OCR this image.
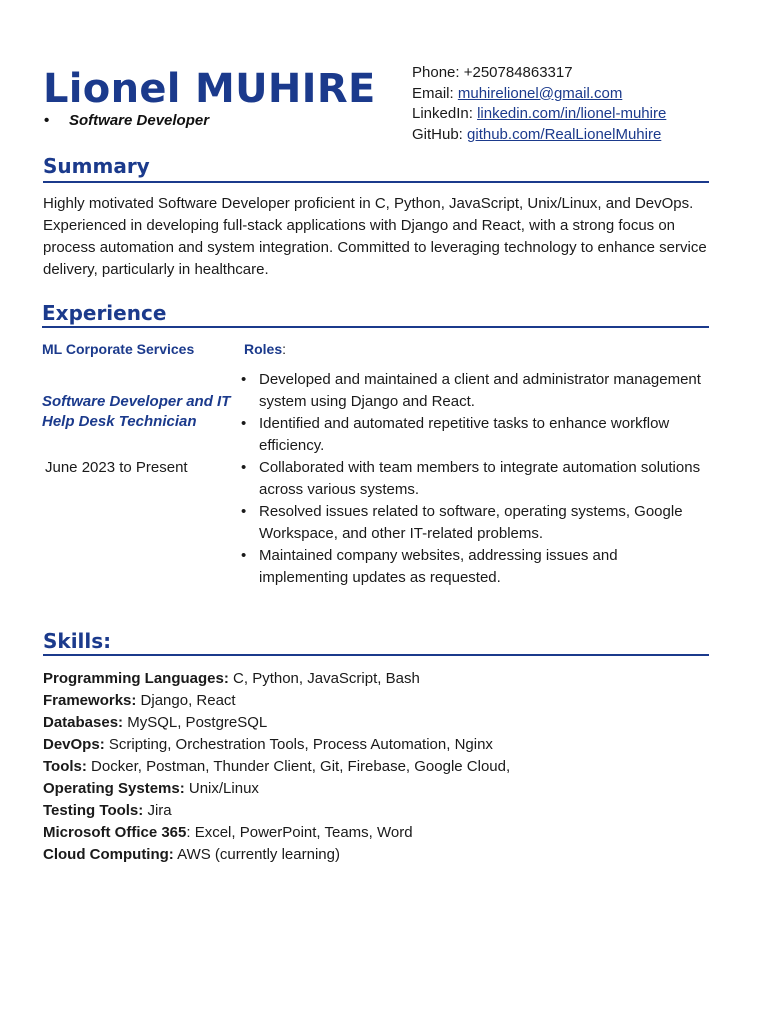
Lionel MUHIRE
• Software Developer
Phone: +250784863317
Email: muhirelionel@gmail.com
LinkedIn: linkedin.com/in/lionel-muhire
GitHub: github.com/RealLionelMuhire
Summary
Highly motivated Software Developer proficient in C, Python, JavaScript, Unix/Linux, and DevOps. Experienced in developing full-stack applications with Django and React, with a strong focus on process automation and system integration. Committed to leveraging technology to enhance service delivery, particularly in healthcare.
Experience
ML Corporate Services	Roles:
Software Developer and IT Help Desk Technician
June 2023 to Present
• Developed and maintained a client and administrator management system using Django and React.
• Identified and automated repetitive tasks to enhance workflow efficiency.
• Collaborated with team members to integrate automation solutions across various systems.
• Resolved issues related to software, operating systems, Google Workspace, and other IT-related problems.
• Maintained company websites, addressing issues and implementing updates as requested.
Skills:
Programming Languages: C, Python, JavaScript, Bash
Frameworks: Django, React
Databases: MySQL, PostgreSQL
DevOps: Scripting, Orchestration Tools, Process Automation, Nginx
Tools: Docker, Postman, Thunder Client, Git, Firebase, Google Cloud,
Operating Systems: Unix/Linux
Testing Tools: Jira
Microsoft Office 365: Excel, PowerPoint, Teams, Word
Cloud Computing: AWS (currently learning)
